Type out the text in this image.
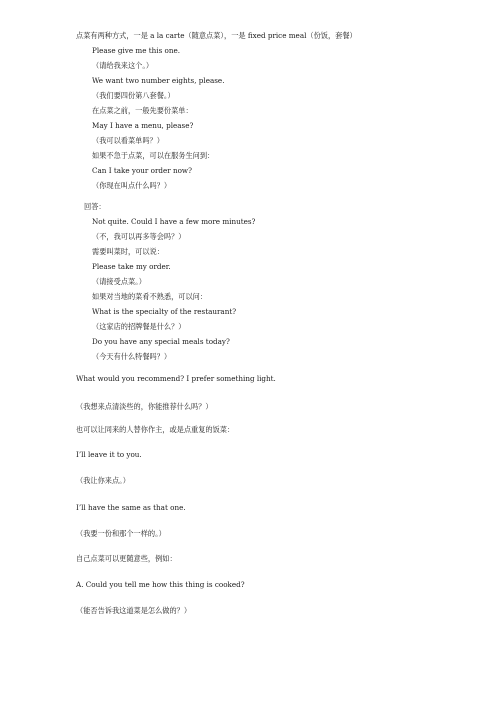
点菜有两种方式，一是 a la carte（随意点菜），一是 fixed price meal（份饭，套餐）
Please give me this one.
（请给我来这个。）
We want two number eights, please.
（我们要四份第八套餐。）
在点菜之前，一般先要份菜单：
May I have a menu, please?
（我可以看菜单吗？）
如果不急于点菜，可以在服务生问到：
Can I take your order now?
（你现在叫点什么吗？）
回答：
Not quite. Could I have a few more minutes?
（不，我可以再多等会吗？）
需要叫菜时，可以说：
Please take my order.
（请接受点菜。）
如果对当地的菜肴不熟悉，可以问：
What is the specialty of the restaurant?
（这家店的招牌餐是什么？）
Do you have any special meals today?
（今天有什么特餐吗？）
What would you recommend? I prefer something light.
（我想来点清淡些的，你能推荐什么吗？）
也可以让同来的人替你作主，或是点重复的饭菜：
I’ll leave it to you.
（我让你来点。）
I’ll have the same as that one.
（我要一份和那个一样的。）
自己点菜可以更随意些，例如：
A. Could you tell me how this thing is cooked?
（能否告诉我这道菜是怎么做的？）
